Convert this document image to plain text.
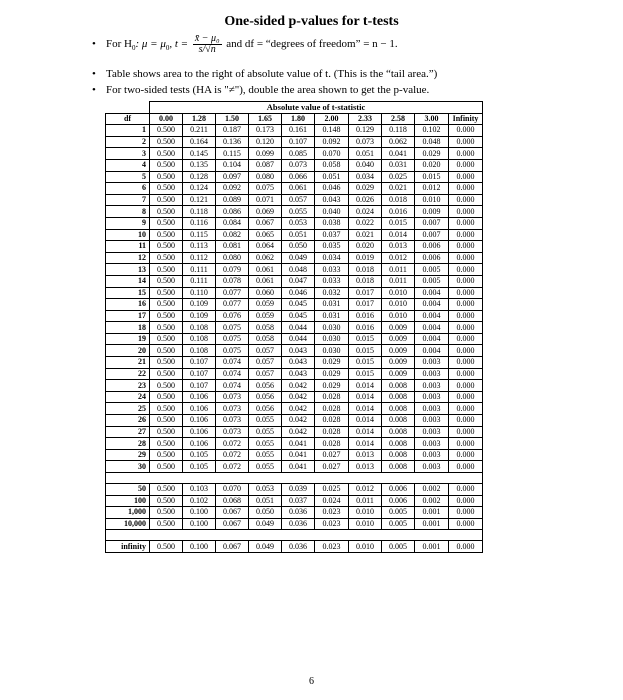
One-sided p-values for t-tests
• For $H_0$: $\mu = \mu_0$, $t = \frac{\text{x̄ − μ₀}}{s/√n}$ and df = “degrees of freedom” = n − 1.
• Table shows area to the right of absolute value of t. (This is the “tail area.”)
• For two-sided tests (HA is "≠"), double the area shown to get the p-value.
	Absolute value of t-statistic									
df	0.00	1.28	1.50	1.65	1.80	2.00	2.33	2.58	3.00	Infinity
1	0.500	0.211	0.187	0.173	0.161	0.148	0.129	0.118	0.102	0.000
2	0.500	0.164	0.136	0.120	0.107	0.092	0.073	0.062	0.048	0.000
3	0.500	0.145	0.115	0.099	0.085	0.070	0.051	0.041	0.029	0.000
4	0.500	0.135	0.104	0.087	0.073	0.058	0.040	0.031	0.020	0.000
5	0.500	0.128	0.097	0.080	0.066	0.051	0.034	0.025	0.015	0.000
6	0.500	0.124	0.092	0.075	0.061	0.046	0.029	0.021	0.012	0.000
7	0.500	0.121	0.089	0.071	0.057	0.043	0.026	0.018	0.010	0.000
8	0.500	0.118	0.086	0.069	0.055	0.040	0.024	0.016	0.009	0.000
9	0.500	0.116	0.084	0.067	0.053	0.038	0.022	0.015	0.007	0.000
10	0.500	0.115	0.082	0.065	0.051	0.037	0.021	0.014	0.007	0.000
11	0.500	0.113	0.081	0.064	0.050	0.035	0.020	0.013	0.006	0.000
12	0.500	0.112	0.080	0.062	0.049	0.034	0.019	0.012	0.006	0.000
13	0.500	0.111	0.079	0.061	0.048	0.033	0.018	0.011	0.005	0.000
14	0.500	0.111	0.078	0.061	0.047	0.033	0.018	0.011	0.005	0.000
15	0.500	0.110	0.077	0.060	0.046	0.032	0.017	0.010	0.004	0.000
16	0.500	0.109	0.077	0.059	0.045	0.031	0.017	0.010	0.004	0.000
17	0.500	0.109	0.076	0.059	0.045	0.031	0.016	0.010	0.004	0.000
18	0.500	0.108	0.075	0.058	0.044	0.030	0.016	0.009	0.004	0.000
19	0.500	0.108	0.075	0.058	0.044	0.030	0.015	0.009	0.004	0.000
20	0.500	0.108	0.075	0.057	0.043	0.030	0.015	0.009	0.004	0.000
21	0.500	0.107	0.074	0.057	0.043	0.029	0.015	0.009	0.003	0.000
22	0.500	0.107	0.074	0.057	0.043	0.029	0.015	0.009	0.003	0.000
23	0.500	0.107	0.074	0.056	0.042	0.029	0.014	0.008	0.003	0.000
24	0.500	0.106	0.073	0.056	0.042	0.028	0.014	0.008	0.003	0.000
25	0.500	0.106	0.073	0.056	0.042	0.028	0.014	0.008	0.003	0.000
26	0.500	0.106	0.073	0.055	0.042	0.028	0.014	0.008	0.003	0.000
27	0.500	0.106	0.073	0.055	0.042	0.028	0.014	0.008	0.003	0.000
28	0.500	0.106	0.072	0.055	0.041	0.028	0.014	0.008	0.003	0.000
29	0.500	0.105	0.072	0.055	0.041	0.027	0.013	0.008	0.003	0.000
30	0.500	0.105	0.072	0.055	0.041	0.027	0.013	0.008	0.003	0.000

50	0.500	0.103	0.070	0.053	0.039	0.025	0.012	0.006	0.002	0.000
100	0.500	0.102	0.068	0.051	0.037	0.024	0.011	0.006	0.002	0.000
1,000	0.500	0.100	0.067	0.050	0.036	0.023	0.010	0.005	0.001	0.000
10,000	0.500	0.100	0.067	0.049	0.036	0.023	0.010	0.005	0.001	0.000

infinity	0.500	0.100	0.067	0.049	0.036	0.023	0.010	0.005	0.001	0.000
6
